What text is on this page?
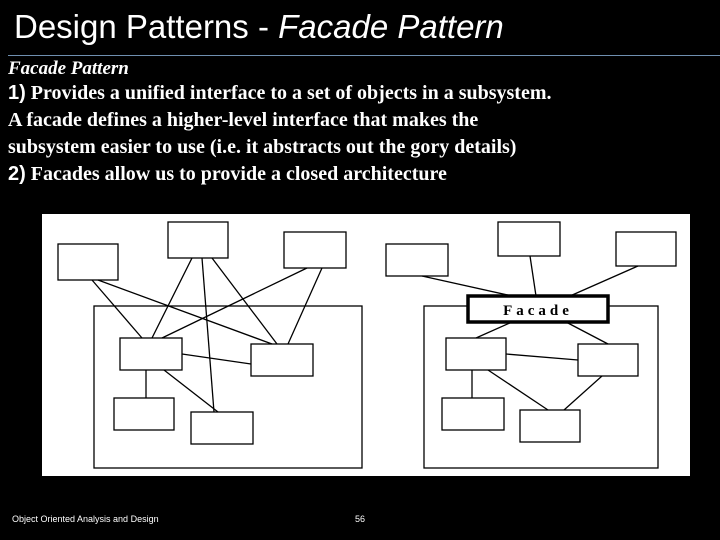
Design Patterns - Facade Pattern
Facade Pattern
1) Provides a unified interface to a set of objects in a subsystem.
A facade defines a higher-level interface that makes the
subsystem easier to use (i.e. it abstracts out the gory details)
2) Facades allow us to provide a closed architecture
Facade
Object Oriented Analysis and Design	56
